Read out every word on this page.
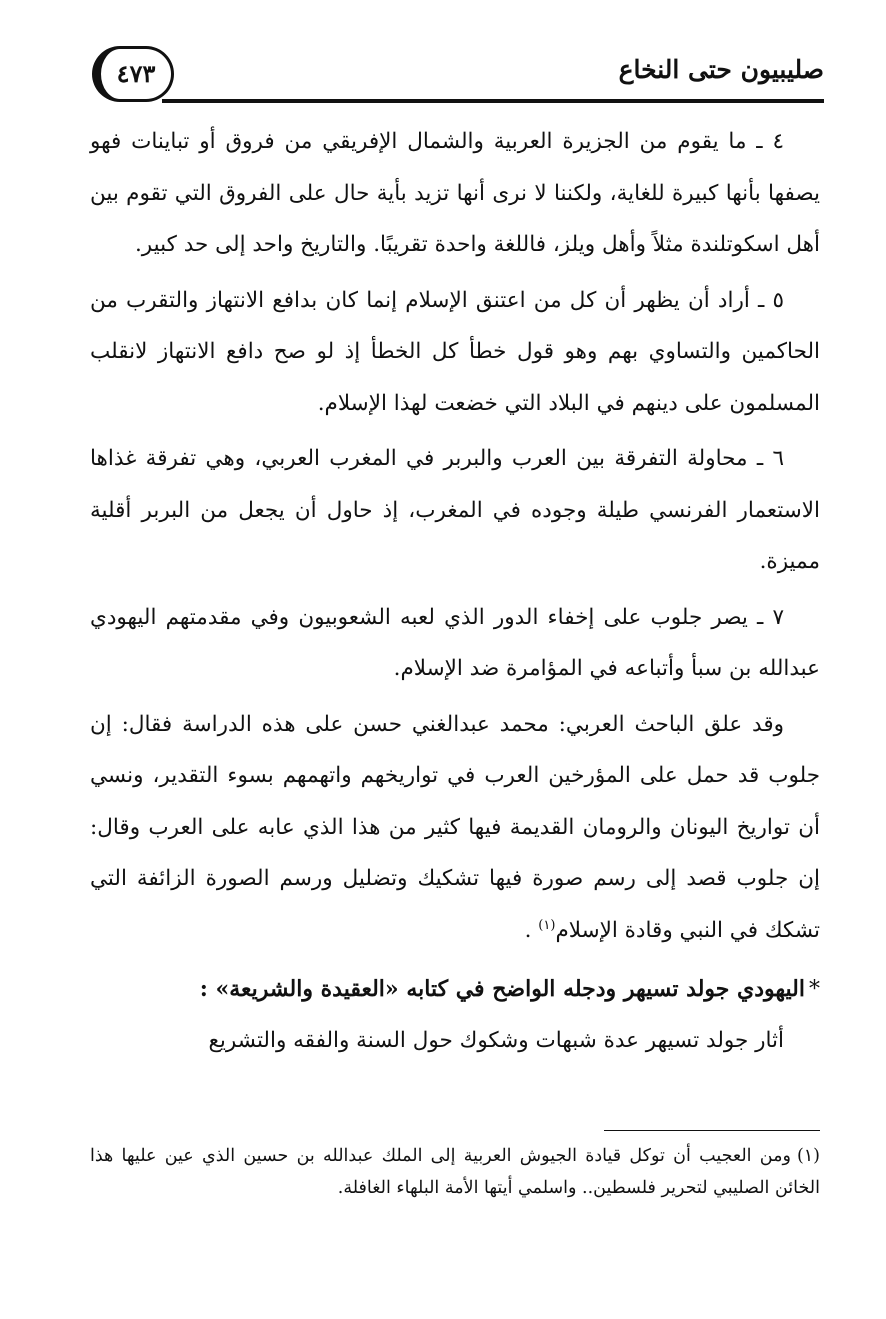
صليبيون حتى النخاع
٤٧٣

٤ ـ ما يقوم من الجزيرة العربية والشمال الإفريقي من فروق أو تباينات فهو يصفها بأنها كبيرة للغاية، ولكننا لا نرى أنها تزيد بأية حال على الفروق التي تقوم بين أهل اسكوتلندة مثلاً وأهل ويلز، فاللغة واحدة تقريبًا. والتاريخ واحد إلى حد كبير.

٥ ـ أراد أن يظهر أن كل من اعتنق الإسلام إنما كان بدافع الانتهاز والتقرب من الحاكمين والتساوي بهم وهو قول خطأ كل الخطأ إذ لو صح دافع الانتهاز لانقلب المسلمون على دينهم في البلاد التي خضعت لهذا الإسلام.

٦ ـ محاولة التفرقة بين العرب والبربر في المغرب العربي، وهي تفرقة غذاها الاستعمار الفرنسي طيلة وجوده في المغرب، إذ حاول أن يجعل من البربر أقلية مميزة.

٧ ـ يصر جلوب على إخفاء الدور الذي لعبه الشعوبيون وفي مقدمتهم اليهودي عبدالله بن سبأ وأتباعه في المؤامرة ضد الإسلام.

وقد علق الباحث العربي: محمد عبدالغني حسن على هذه الدراسة فقال: إن جلوب قد حمل على المؤرخين العرب في تواريخهم واتهمهم بسوء التقدير، ونسي أن تواريخ اليونان والرومان القديمة فيها كثير من هذا الذي عابه على العرب وقال: إن جلوب قصد إلى رسم صورة فيها تشكيك وتضليل ورسم الصورة الزائفة التي تشكك في النبي وقادة الإسلام$^{(١)}$ .

*اليهودي جولد تسيهر ودجله الواضح في كتابه «العقيدة والشريعة» :

أثار جولد تسيهر عدة شبهات وشكوك حول السنة والفقه والتشريع

(١)ومن العجيب أن توكل قيادة الجيوش العربية إلى الملك عبدالله بن حسين الذي عين عليها هذا الخائن الصليبي لتحرير فلسطين.. واسلمي أيتها الأمة البلهاء الغافلة.
